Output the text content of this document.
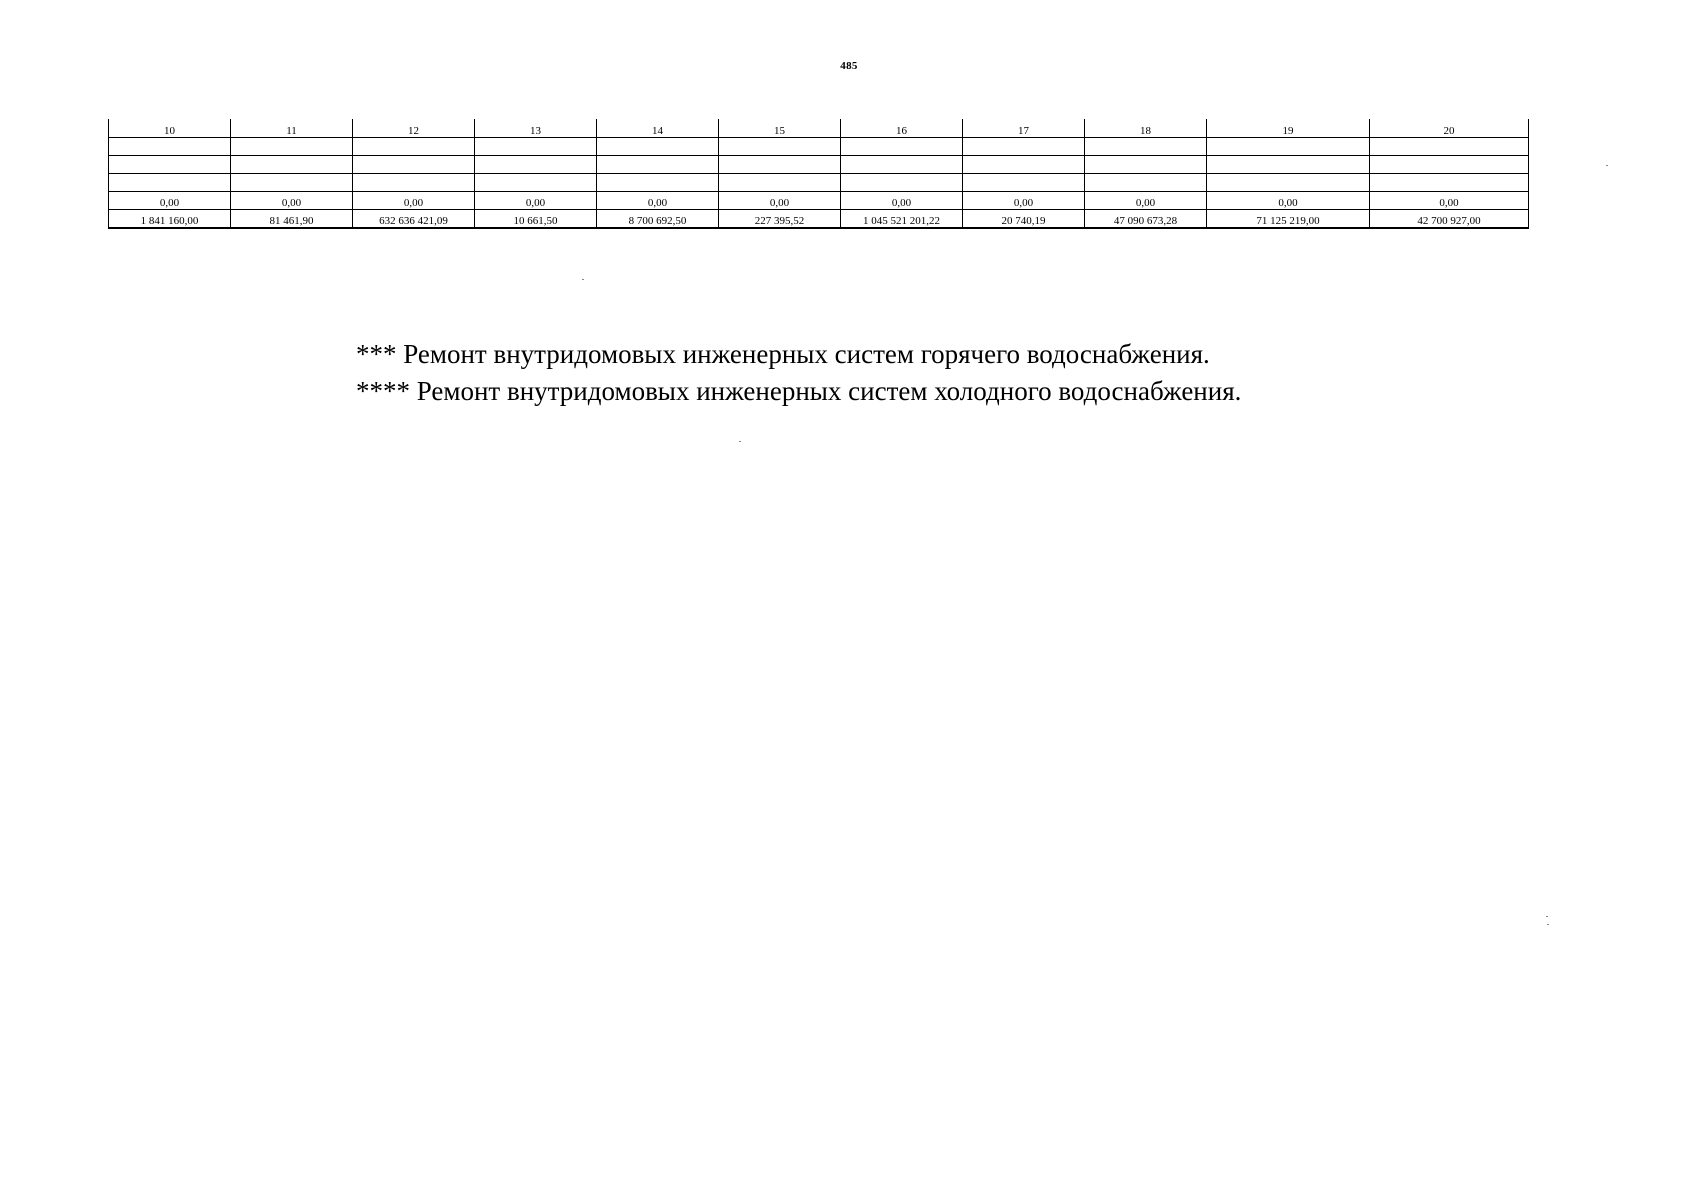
485
10	11	12	13	14	15	16	17	18	19	20

0,00	0,00	0,00	0,00	0,00	0,00	0,00	0,00	0,00	0,00	0,00
1 841 160,00	81 461,90	632 636 421,09	10 661,50	8 700 692,50	227 395,52	1 045 521 201,22	20 740,19	47 090 673,28	71 125 219,00	42 700 927,00
*** Ремонт внутридомовых инженерных систем горячего водоснабжения.
**** Ремонт внутридомовых инженерных систем холодного водоснабжения.
